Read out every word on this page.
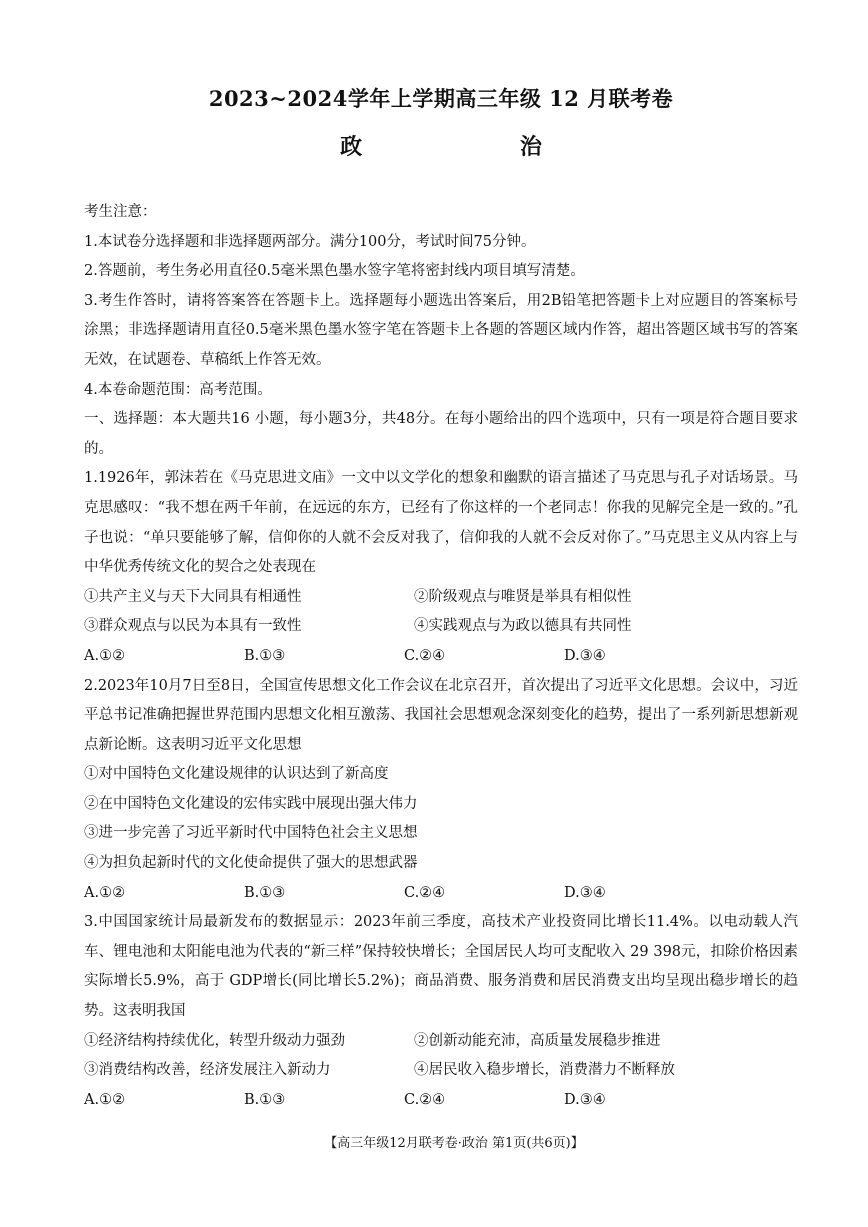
2023~2024学年上学期高三年级 12 月联考卷
政 治

考生注意：

1.本试卷分选择题和非选择题两部分。满分100分，考试时间75分钟。

2.答题前，考生务必用直径0.5毫米黑色墨水签字笔将密封线内项目填写清楚。

3.考生作答时，请将答案答在答题卡上。选择题每小题选出答案后，用2B铅笔把答题卡上对应题目的答案标号涂黑；非选择题请用直径0.5毫米黑色墨水签字笔在答题卡上各题的答题区域内作答，超出答题区域书写的答案无效，在试题卷、草稿纸上作答无效。

4.本卷命题范围：高考范围。

一、选择题：本大题共16 小题，每小题3分，共48分。在每小题给出的四个选项中，只有一项是符合题目要求的。

1.1926年，郭沫若在《马克思进文庙》一文中以文学化的想象和幽默的语言描述了马克思与孔子对话场景。马克思感叹：“我不想在两千年前，在远远的东方，已经有了你这样的一个老同志！你我的见解完全是一致的。”孔子也说：“单只要能够了解，信仰你的人就不会反对我了，信仰我的人就不会反对你了。”马克思主义从内容上与中华优秀传统文化的契合之处表现在

①共产主义与天下大同具有相通性	②阶级观点与唯贤是举具有相似性
③群众观点与以民为本具有一致性	④实践观点与为政以德具有共同性
A.①②	B.①③	C.②④	D.③④

2.2023年10月7日至8日，全国宣传思想文化工作会议在北京召开，首次提出了习近平文化思想。会议中，习近平总书记准确把握世界范围内思想文化相互激荡、我国社会思想观念深刻变化的趋势，提出了一系列新思想新观点新论断。这表明习近平文化思想

①对中国特色文化建设规律的认识达到了新高度

②在中国特色文化建设的宏伟实践中展现出强大伟力

③进一步完善了习近平新时代中国特色社会主义思想

④为担负起新时代的文化使命提供了强大的思想武器

A.①②	B.①③	C.②④	D.③④

3.中国国家统计局最新发布的数据显示：2023年前三季度，高技术产业投资同比增长11.4%。以电动载人汽车、锂电池和太阳能电池为代表的“新三样”保持较快增长；全国居民人均可支配收入 29 398元，扣除价格因素实际增长5.9%，高于 GDP增长(同比增长5.2%)；商品消费、服务消费和居民消费支出均呈现出稳步增长的趋势。这表明我国

①经济结构持续优化，转型升级动力强劲	②创新动能充沛，高质量发展稳步推进
③消费结构改善，经济发展注入新动力	④居民收入稳步增长，消费潜力不断释放
A.①②	B.①③	C.②④	D.③④
【高三年级12月联考卷·政治 第1页(共6页)】
